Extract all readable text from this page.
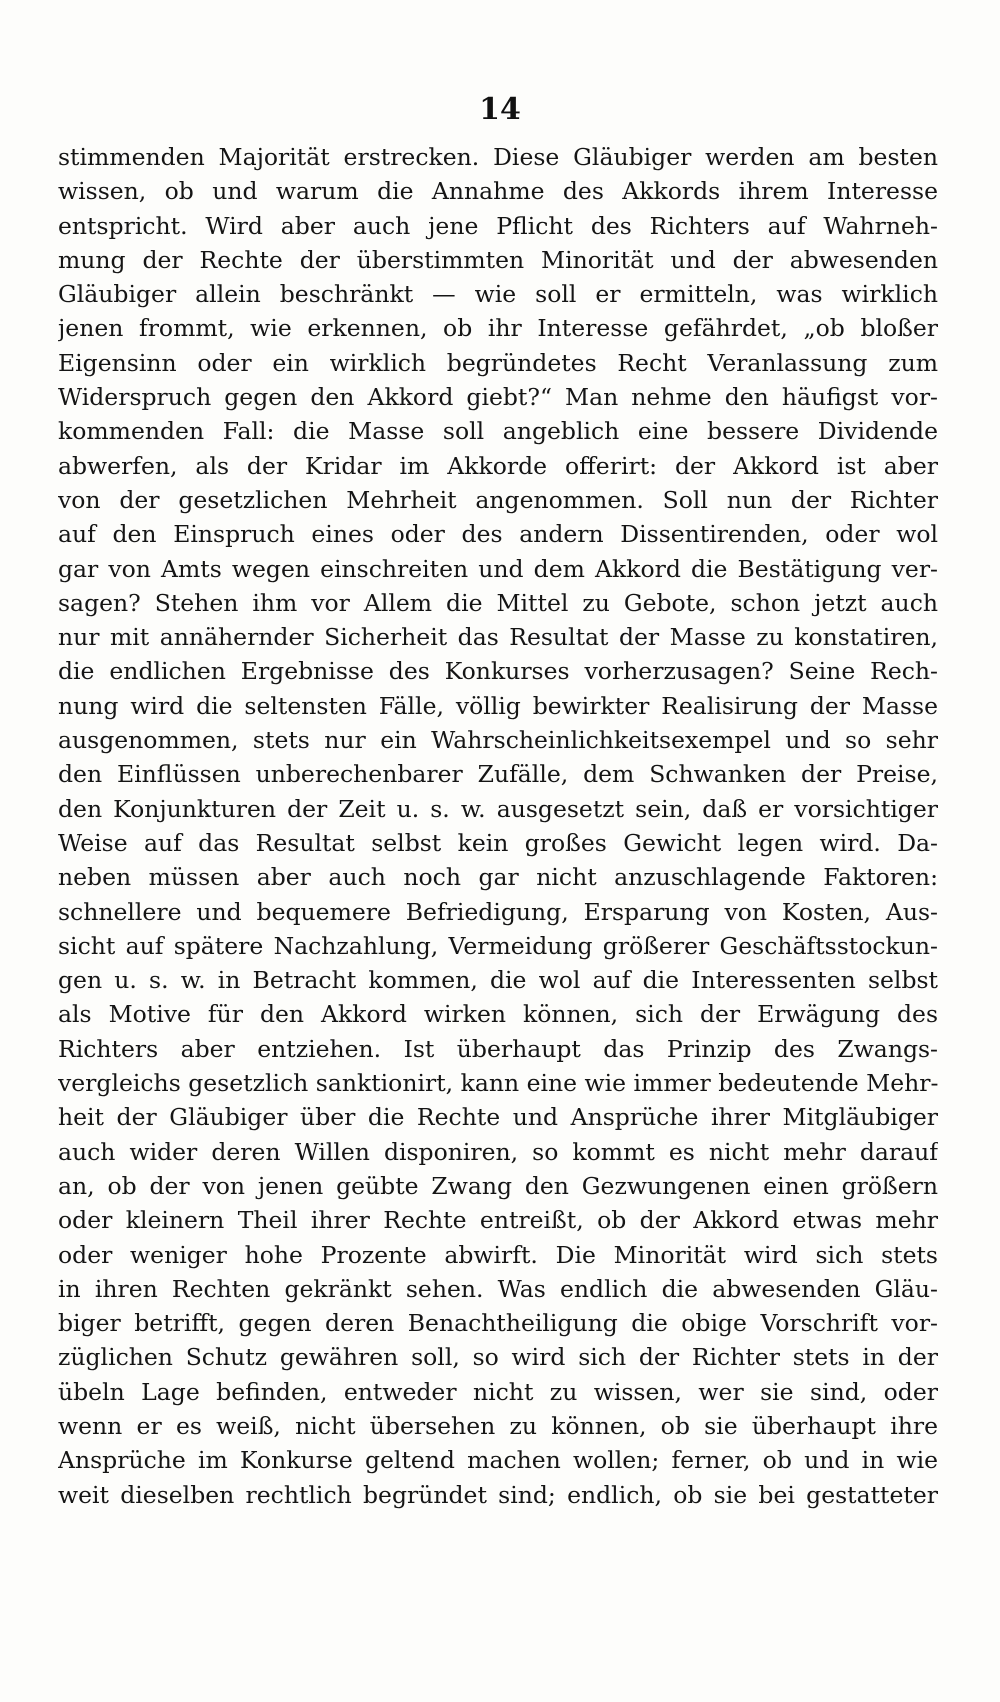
14
stimmenden Majorität erstrecken. Diese Gläubiger werden am besten
wissen, ob und warum die Annahme des Akkords ihrem Interesse
entspricht. Wird aber auch jene Pflicht des Richters auf Wahrneh-
mung der Rechte der überstimmten Minorität und der abwesenden
Gläubiger allein beschränkt — wie soll er ermitteln, was wirklich
jenen frommt, wie erkennen, ob ihr Interesse gefährdet, „ob bloßer
Eigensinn oder ein wirklich begründetes Recht Veranlassung zum
Widerspruch gegen den Akkord giebt?“ Man nehme den häufigst vor-
kommenden Fall: die Masse soll angeblich eine bessere Dividende
abwerfen, als der Kridar im Akkorde offerirt: der Akkord ist aber
von der gesetzlichen Mehrheit angenommen. Soll nun der Richter
auf den Einspruch eines oder des andern Dissentirenden, oder wol
gar von Amts wegen einschreiten und dem Akkord die Bestätigung ver-
sagen? Stehen ihm vor Allem die Mittel zu Gebote, schon jetzt auch
nur mit annähernder Sicherheit das Resultat der Masse zu konstatiren,
die endlichen Ergebnisse des Konkurses vorherzusagen? Seine Rech-
nung wird die seltensten Fälle, völlig bewirkter Realisirung der Masse
ausgenommen, stets nur ein Wahrscheinlichkeitsexempel und so sehr
den Einflüssen unberechenbarer Zufälle, dem Schwanken der Preise,
den Konjunkturen der Zeit u. s. w. ausgesetzt sein, daß er vorsichtiger
Weise auf das Resultat selbst kein großes Gewicht legen wird. Da-
neben müssen aber auch noch gar nicht anzuschlagende Faktoren:
schnellere und bequemere Befriedigung, Ersparung von Kosten, Aus-
sicht auf spätere Nachzahlung, Vermeidung größerer Geschäftsstockun-
gen u. s. w. in Betracht kommen, die wol auf die Interessenten selbst
als Motive für den Akkord wirken können, sich der Erwägung des
Richters aber entziehen. Ist überhaupt das Prinzip des Zwangs-
vergleichs gesetzlich sanktionirt, kann eine wie immer bedeutende Mehr-
heit der Gläubiger über die Rechte und Ansprüche ihrer Mitgläubiger
auch wider deren Willen disponiren, so kommt es nicht mehr darauf
an, ob der von jenen geübte Zwang den Gezwungenen einen größern
oder kleinern Theil ihrer Rechte entreißt, ob der Akkord etwas mehr
oder weniger hohe Prozente abwirft. Die Minorität wird sich stets
in ihren Rechten gekränkt sehen. Was endlich die abwesenden Gläu-
biger betrifft, gegen deren Benachtheiligung die obige Vorschrift vor-
züglichen Schutz gewähren soll, so wird sich der Richter stets in der
übeln Lage befinden, entweder nicht zu wissen, wer sie sind, oder
wenn er es weiß, nicht übersehen zu können, ob sie überhaupt ihre
Ansprüche im Konkurse geltend machen wollen; ferner, ob und in wie
weit dieselben rechtlich begründet sind; endlich, ob sie bei gestatteter
